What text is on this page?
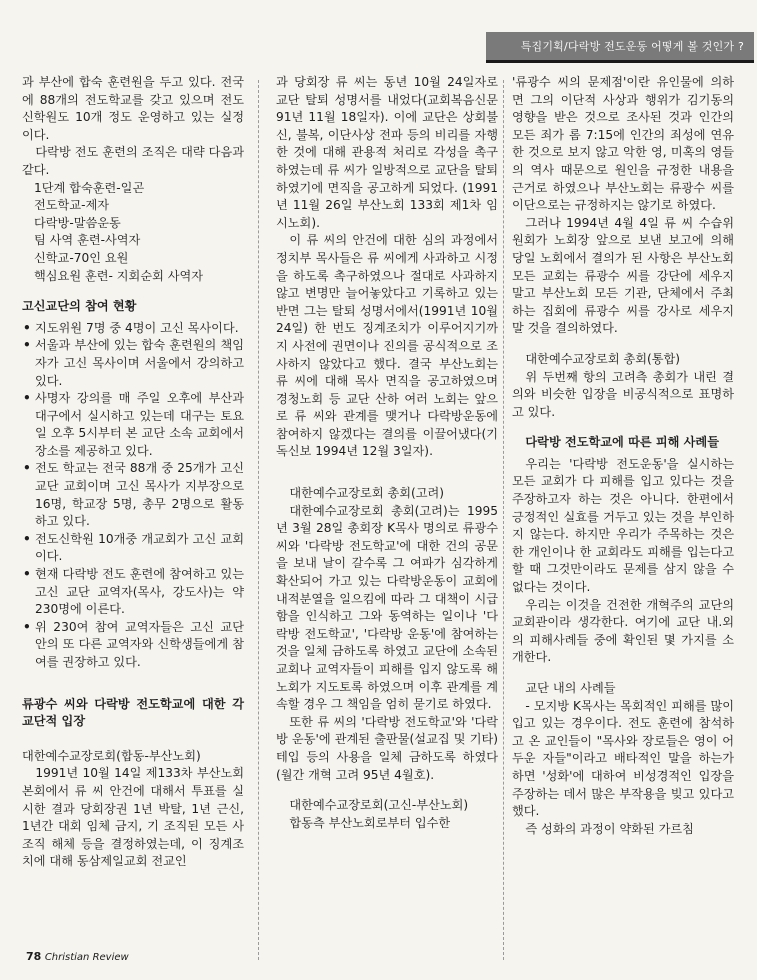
특집기획/다락방 전도운동 어떻게 볼 것인가 ?

과 부산에 합숙 훈련원을 두고 있다. 전국에 88개의 전도학교를 갖고 있으며 전도 신학원도 10개 정도 운영하고 있는 실정이다.

다락방 전도 훈련의 조직은 대략 다음과 같다.

1단계 합숙훈련-일곤

전도학교-제자

다락방-말씀운동

팀 사역 훈련-사역자

신학교-70인 요원

핵심요원 훈련- 지회순회 사역자

고신교단의 참여 현황

• 지도위원 7명 중 4명이 고신 목사이다.
• 서울과 부산에 있는 합숙 훈련원의 책임자가 고신 목사이며 서울에서 강의하고 있다.
• 사명자 강의를 매 주일 오후에 부산과 대구에서 실시하고 있는데 대구는 토요일 오후 5시부터 본 교단 소속 교회에서 장소를 제공하고 있다.
• 전도 학교는 전국 88개 중 25개가 고신 교단 교회이며 고신 목사가 지부장으로 16명, 학교장 5명, 총무 2명으로 활동하고 있다.
• 전도신학원 10개중 개교회가 고신 교회이다.
• 현재 다락방 전도 훈련에 참여하고 있는 고신 교단 교역자(목사, 강도사)는 약 230명에 이른다.
• 위 230여 참여 교역자들은 고신 교단 안의 또 다른 교역자와 신학생들에게 참여를 권장하고 있다.

류광수 씨와 다락방 전도학교에 대한 각 교단적 입장

대한예수교장로회(합동-부산노회)

1991년 10월 14일 제133차 부산노회 본회에서 류 씨 안건에 대해서 투표를 실시한 결과 당회장권 1년 박탈, 1년 근신, 1년간 대회 임체 금지, 기 조직된 모든 사조직 해체 등을 결정하였는데, 이 징계조치에 대해 동삼제일교회 전교인

과 당회장 류 씨는 동년 10월 24일자로 교단 탈퇴 성명서를 내었다(교회복음신문 91년 11월 18일자). 이에 교단은 상회불신, 불복, 이단사상 전파 등의 비리를 자행한 것에 대해 관용적 처리로 각성을 촉구하였는데 류 씨가 일방적으로 교단을 탈퇴하였기에 면직을 공고하게 되었다. (1991년 11월 26일 부산노회 133회 제1차 임시노회).

이 류 씨의 안건에 대한 심의 과정에서 정치부 목사들은 류 씨에게 사과하고 시정을 하도록 촉구하였으나 절대로 사과하지 않고 변명만 늘어놓았다고 기록하고 있는 반면 그는 탈퇴 성명서에서(1991년 10월 24일) 한 번도 징계조치가 이루어지기까지 사전에 권면이나 진의를 공식적으로 조사하지 않았다고 했다. 결국 부산노회는 류 씨에 대해 목사 면직을 공고하였으며 경청노회 등 교단 산하 여러 노회는 앞으로 류 씨와 관계를 맺거나 다락방운동에 참여하지 않겠다는 결의를 이끌어냈다(기독신보 1994년 12월 3일자).

대한예수교장로회 총회(고려)

대한예수교장로회 총회(고려)는 1995년 3월 28일 총회장 K목사 명의로 류광수 씨와 '다락방 전도학교'에 대한 건의 공문을 보내 날이 갈수록 그 여파가 심각하게 확산되어 가고 있는 다락방운동이 교회에 내적분열을 일으킴에 따라 그 대책이 시급함을 인식하고 그와 동역하는 일이나 '다락방 전도학교', '다락방 운동'에 참여하는 것을 일체 금하도록 하였고 교단에 소속된 교회나 교역자들이 피해를 입지 않도록 해 노회가 지도토록 하였으며 이후 관계를 계속할 경우 그 책임을 엄히 묻기로 하였다.

또한 류 씨의 '다락방 전도학교'와 '다락방 운동'에 관계된 출판물(설교집 및 기타) 테입 등의 사용을 일체 금하도록 하였다(월간 개혁 고려 95년 4월호).

대한예수교장로회(고신-부산노회)

합동측 부산노회로부터 입수한

'류광수 씨의 문제점'이란 유인물에 의하면 그의 이단적 사상과 행위가 김기동의 영향을 받은 것으로 조사된 것과 인간의 모든 죄가 롬 7:15에 인간의 죄성에 연유한 것으로 보지 않고 악한 영, 미혹의 영들의 역사 때문으로 원인을 규정한 내용을 근거로 하였으나 부산노회는 류광수 씨를 이단으로는 규정하지는 않기로 하였다.

그러나 1994년 4월 4일 류 씨 수습위원회가 노회장 앞으로 보낸 보고에 의해 당일 노회에서 결의가 된 사항은 부산노회 모든 교회는 류광수 씨를 강단에 세우지 말고 부산노회 모든 기관, 단체에서 주최하는 집회에 류광수 씨를 강사로 세우지 말 것을 결의하였다.

대한예수교장로회 총회(통합)

위 두번째 항의 고려측 총회가 내린 결의와 비슷한 입장을 비공식적으로 표명하고 있다.

다락방 전도학교에 따른 피해 사례들

우리는 '다락방 전도운동'을 실시하는 모든 교회가 다 피해를 입고 있다는 것을 주장하고자 하는 것은 아니다. 한편에서 긍정적인 실효를 거두고 있는 것을 부인하지 않는다. 하지만 우리가 주목하는 것은 한 개인이나 한 교회라도 피해를 입는다고 할 때 그것만이라도 문제를 삼지 않을 수 없다는 것이다.

우리는 이것을 건전한 개혁주의 교단의 교회관이라 생각한다. 여기에 교단 내.외의 피해사례들 중에 확인된 몇 가지를 소개한다.

교단 내의 사례들

- 모지방 K목사는 목회적인 피해를 많이 입고 있는 경우이다. 전도 훈련에 참석하고 온 교인들이 "목사와 장로들은 영이 어두운 자들"이라고 배타적인 말을 하는가 하면 '성화'에 대하여 비성경적인 입장을 주장하는 데서 많은 부작용을 빚고 있다고 했다.

즉 성화의 과정이 약화된 가르침

78 Christian Review
